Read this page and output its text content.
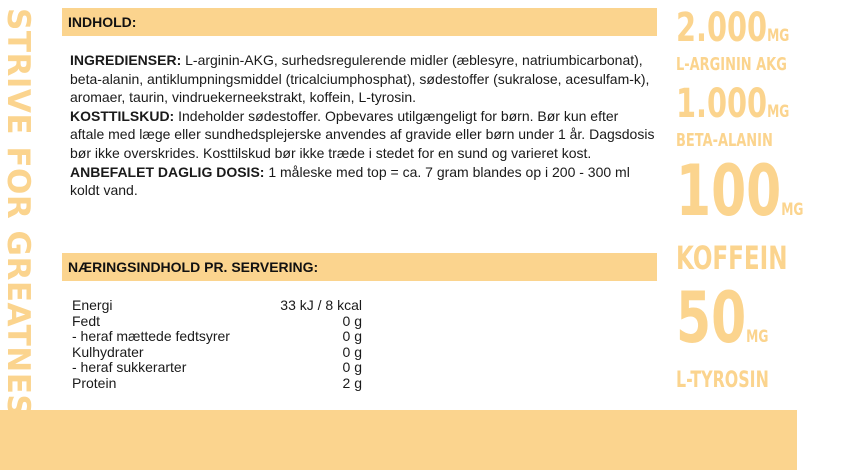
STRIVE FOR GREATNESS INDHOLD:

INGREDIENSER: L-arginin-AKG, surhedsregulerende midler (æblesyre, natriumbicarbonat), beta-alanin, antiklumpningsmiddel (tricalciumphosphat), sødestoffer (sukralose, acesulfam-k), aromaer, taurin, vindruekerneekstrakt, koffein, L-tyrosin.

KOSTTILSKUD: Indeholder sødestoffer. Opbevares utilgængeligt for børn. Bør kun efter aftale med læge eller sundhedsplejerske anvendes af gravide eller børn under 1 år. Dagsdosis bør ikke overskrides. Kosttilskud bør ikke træde i stedet for en sund og varieret kost.

ANBEFALET DAGLIG DOSIS: 1 måleske med top = ca. 7 gram blandes op i 200 - 300 ml koldt vand.

NÆRINGSINDHOLD PR. SERVERING:
Energi	33 kJ / 8 kcal
Fedt	0 g
- heraf mættede fedtsyrer	0 g
Kulhydrater	0 g
- heraf sukkerarter	0 g
Protein	2 g
2.000MG
L-ARGININ AKG
1.000MG
BETA-ALANIN
100MG
KOFFEIN
50MG
L-TYROSIN
